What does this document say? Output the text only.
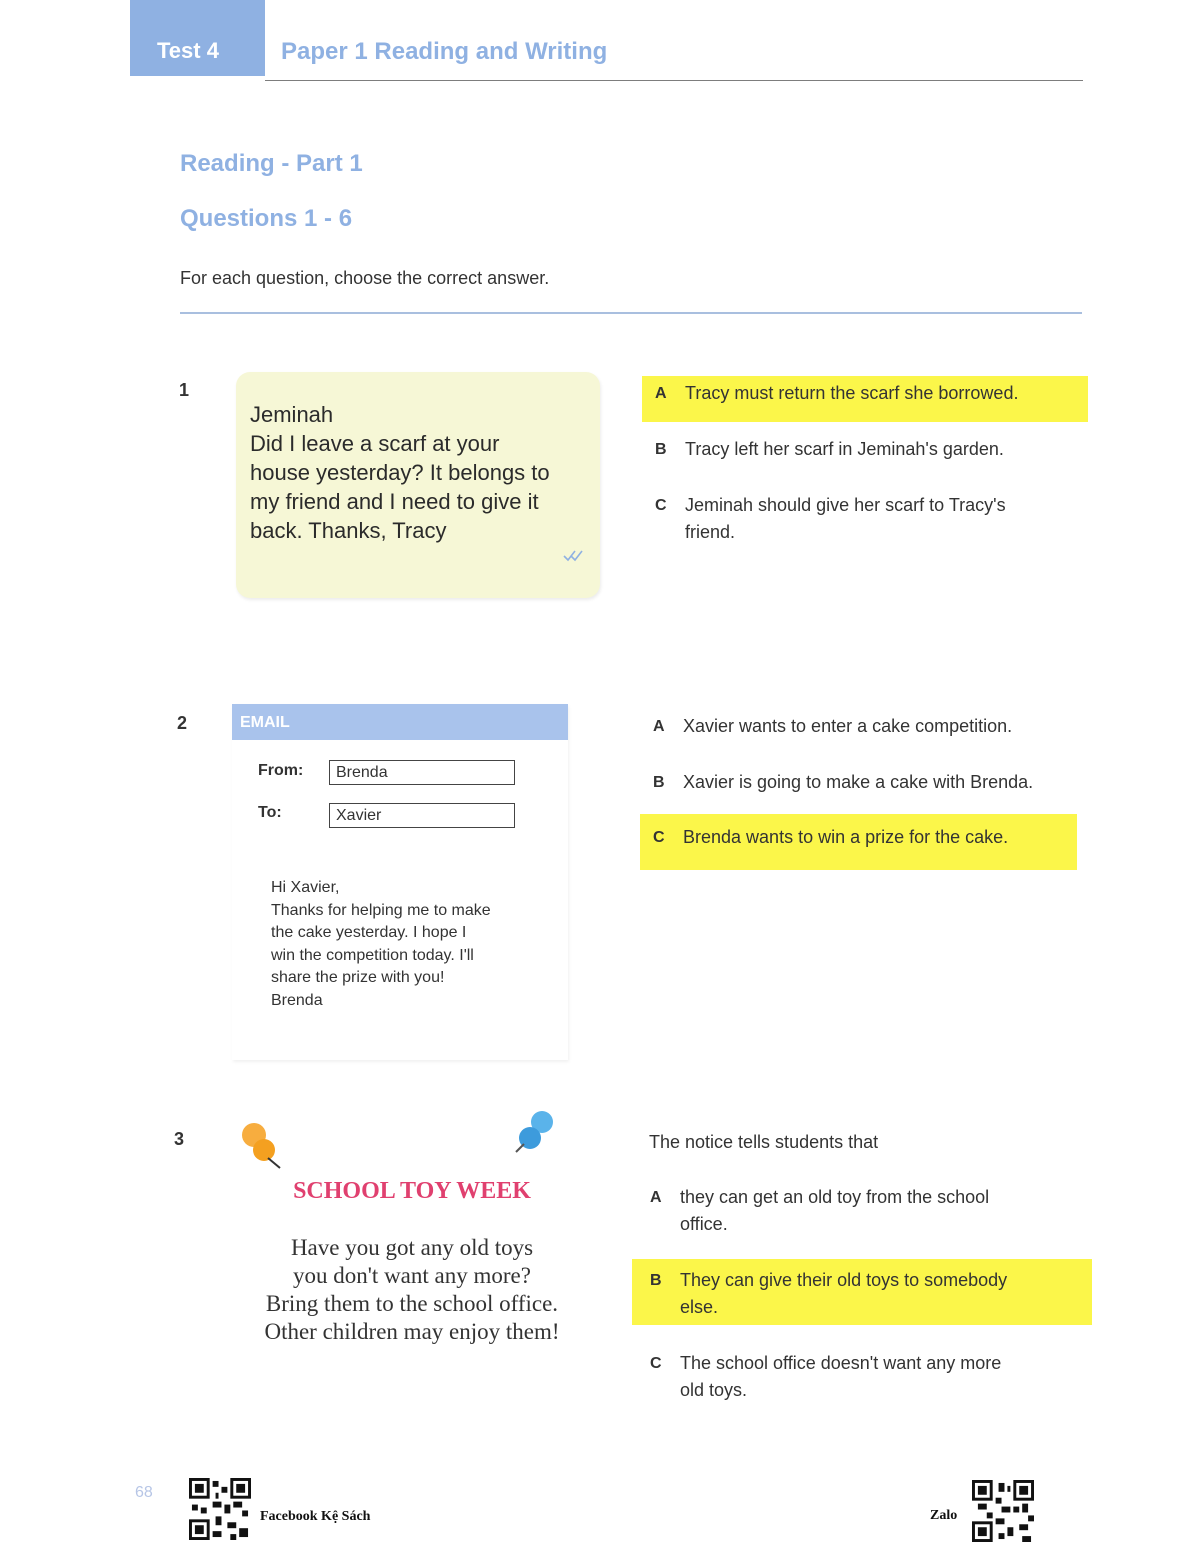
Test 4	Paper 1 Reading and Writing
Reading - Part 1
Questions 1 - 6
For each question, choose the correct answer.
1
Jeminah
Did I leave a scarf at your
house yesterday? It belongs to
my friend and I need to give it
back. Thanks, Tracy
A Tracy must return the scarf she borrowed.
B Tracy left her scarf in Jeminah's garden.
C Jeminah should give her scarf to Tracy's
friend.
2	EMAIL
From:	Brenda
To:	Xavier
Hi Xavier,
Thanks for helping me to make
the cake yesterday. I hope I
win the competition today. I'll
share the prize with you!
Brenda
A Xavier wants to enter a cake competition.
B Xavier is going to make a cake with Brenda.
C Brenda wants to win a prize for the cake.
3
SCHOOL TOY WEEK
Have you got any old toys
you don't want any more?
Bring them to the school office.
Other children may enjoy them!
The notice tells students that
A they can get an old toy from the school
office.
B They can give their old toys to somebody
else.
C The school office doesn't want any more
old toys.
68
Facebook Kệ Sách	Zalo
